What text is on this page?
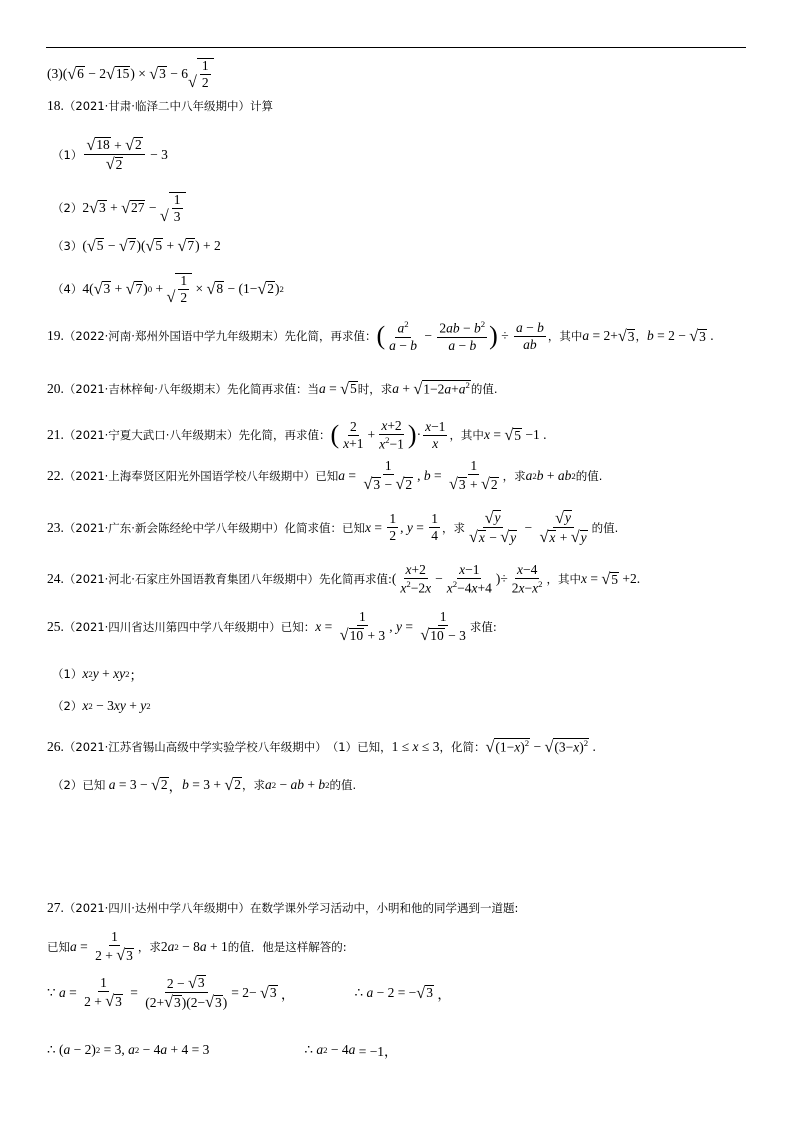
(3) ( √ 6 − 2 √ 15 ) × √ 3 − 6 √ $\frac{1}{2}$
18 . （2021·甘肃·临泽二中八年级期中） 计算
$(1) \frac{√ 18 + √ 2}{√ 2} - 3$
（2） 2 √ 3 + √ 27 − √ $\frac{1}{3}$
（3） ( √ 5 − √ 7 )( √ 5 + √ 7 ) + 2
（4） 4( √ 3 + √ 7 ) 0 + √ $\frac{1}{2}$ × √ 8 − (1− √ 2 ) 2
19 . （2022·河南·郑州外国语中学九年级期末） 先化简，再求值： ( $\frac{a^2}{a - b} - \frac{2ab - b^2}{a - b}$ ) ÷ $\frac{a - b}{ab}$ ，其中 a = 2+ √ 3 ， b = 2 − √ 3 .
20 . （2021·吉林梓甸·八年级期末） 先化简再求值：当 a = √ 5 时，求 a + √ $1-2a+a^2$ 的值.
21 . （2021·宁夏大武口·八年级期末） 先化简，再求值： ( $\frac{2}{x+1} + \frac{x+2}{x^2-1}$ ) · $\frac{x-1}{x}$ ，其中 x = √ 5 −1 .
22 . （2021·上海奉贤区阳光外国语学校八年级期中） 已知 $a = \frac{1}{√ 3 - √ 2}$ , $b = \frac{1}{√ 3 + √ 2}$ ，求 a 2 b + ab 2 的值.
23 . （2021·广东·新会陈经纶中学八年级期中） 化简求值：已知 $x = \frac{1}{2}$ , $y = \frac{1}{4}$ ，求 $\frac{√ y}{√ x - √ y} - \frac{√ y}{√ x + √ y}$ 的值.
24 . （2021·河北·石家庄外国语教育集团八年级期中） 先化简再求值: ( $\frac{x+2}{x^2-2x} - \frac{x-1}{x^2-4x+4}$ )÷ $\frac{x-4}{2x-x^2}$ ，其中 x = √ 5 +2.
25 . （2021·四川省达川第四中学八年级期中） 已知： $x = \frac{1}{√ 10 + 3}$ , $y = \frac{1}{√ 10 - 3}$ 求值:
（1） x 2 y + xy 2 ；
（2） x 2 − 3 xy + y 2
26 . （2021·江苏省锡山高级中学实验学校八年级期中） （1）已知， 1 ≤ x ≤ 3 ，化简： √ $(1-x)^2$ − √ $(3-x)^2$ .
（2）已知
a = 3 − √ 2 ， b = 3 + √ 2 ，求 a 2 − ab + b 2 的值.
27 . （2021·四川·达州中学八年级期中） 在数学课外学习活动中，小明和他的同学遇到一道题:
已知 $a = \frac{1}{2 + √ 3}$ ，求 2 a 2 − 8 a + 1 的值．他是这样解答的:
∵ $a = \frac{1}{2 + √ 3} = \frac{2 - √ 3}{(2+ √ 3 )(2- √ 3 )} = 2-$ √ 3 ，	∴ a − 2 = − √ 3 ，
∴ ( a − 2) 2 = 3, a 2 − 4 a + 4 = 3	∴ a 2 − 4 a = −1，
